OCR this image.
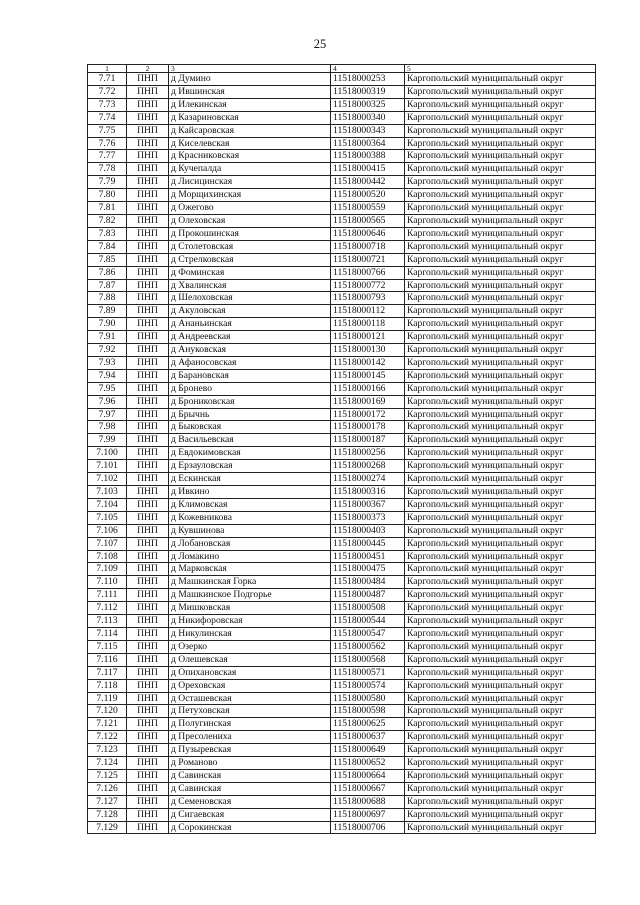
25
1	2	3	4	5
7.71	ПНП	д Думино	11518000253	Каргопольский муниципальный округ
7.72	ПНП	д Ившинская	11518000319	Каргопольский муниципальный округ
7.73	ПНП	д Илекинская	11518000325	Каргопольский муниципальный округ
7.74	ПНП	д Казариновская	11518000340	Каргопольский муниципальный округ
7.75	ПНП	д Кайсаровская	11518000343	Каргопольский муниципальный округ
7.76	ПНП	д Киселевская	11518000364	Каргопольский муниципальный округ
7.77	ПНП	д Красниковская	11518000388	Каргопольский муниципальный округ
7.78	ПНП	д Кучепалда	11518000415	Каргопольский муниципальный округ
7.79	ПНП	д Лисицинская	11518000442	Каргопольский муниципальный округ
7.80	ПНП	д Морщихинская	11518000520	Каргопольский муниципальный округ
7.81	ПНП	д Ожегово	11518000559	Каргопольский муниципальный округ
7.82	ПНП	д Олеховская	11518000565	Каргопольский муниципальный округ
7.83	ПНП	д Прокошинская	11518000646	Каргопольский муниципальный округ
7.84	ПНП	д Столетовская	11518000718	Каргопольский муниципальный округ
7.85	ПНП	д Стрелковская	11518000721	Каргопольский муниципальный округ
7.86	ПНП	д Фоминская	11518000766	Каргопольский муниципальный округ
7.87	ПНП	д Хвалинская	11518000772	Каргопольский муниципальный округ
7.88	ПНП	д Шелоховская	11518000793	Каргопольский муниципальный округ
7.89	ПНП	д Акуловская	11518000112	Каргопольский муниципальный округ
7.90	ПНП	д Ананьинская	11518000118	Каргопольский муниципальный округ
7.91	ПНП	д Андреевская	11518000121	Каргопольский муниципальный округ
7.92	ПНП	д Ануковская	11518000130	Каргопольский муниципальный округ
7.93	ПНП	д Афаносовская	11518000142	Каргопольский муниципальный округ
7.94	ПНП	д Барановская	11518000145	Каргопольский муниципальный округ
7.95	ПНП	д Бронево	11518000166	Каргопольский муниципальный округ
7.96	ПНП	д Брониковская	11518000169	Каргопольский муниципальный округ
7.97	ПНП	д Брычнь	11518000172	Каргопольский муниципальный округ
7.98	ПНП	д Быковская	11518000178	Каргопольский муниципальный округ
7.99	ПНП	д Васильевская	11518000187	Каргопольский муниципальный округ
7.100	ПНП	д Евдокимовская	11518000256	Каргопольский муниципальный округ
7.101	ПНП	д Ерзауловская	11518000268	Каргопольский муниципальный округ
7.102	ПНП	д Ескинская	11518000274	Каргопольский муниципальный округ
7.103	ПНП	д Ивкино	11518000316	Каргопольский муниципальный округ
7.104	ПНП	д Климовская	11518000367	Каргопольский муниципальный округ
7.105	ПНП	д Кожевникова	11518000373	Каргопольский муниципальный округ
7.106	ПНП	д Кувшинова	11518000403	Каргопольский муниципальный округ
7.107	ПНП	д Лобановская	11518000445	Каргопольский муниципальный округ
7.108	ПНП	д Ломакино	11518000451	Каргопольский муниципальный округ
7.109	ПНП	д Марковская	11518000475	Каргопольский муниципальный округ
7.110	ПНП	д Машкинская Горка	11518000484	Каргопольский муниципальный округ
7.111	ПНП	д Машкинское Подгорье	11518000487	Каргопольский муниципальный округ
7.112	ПНП	д Мишковская	11518000508	Каргопольский муниципальный округ
7.113	ПНП	д Никифоровская	11518000544	Каргопольский муниципальный округ
7.114	ПНП	д Никулинская	11518000547	Каргопольский муниципальный округ
7.115	ПНП	д Озерко	11518000562	Каргопольский муниципальный округ
7.116	ПНП	д Олешевская	11518000568	Каргопольский муниципальный округ
7.117	ПНП	д Опихановская	11518000571	Каргопольский муниципальный округ
7.118	ПНП	д Ореховская	11518000574	Каргопольский муниципальный округ
7.119	ПНП	д Осташевская	11518000580	Каргопольский муниципальный округ
7.120	ПНП	д Петуховская	11518000598	Каргопольский муниципальный округ
7.121	ПНП	д Полугинская	11518000625	Каргопольский муниципальный округ
7.122	ПНП	д Пресолениха	11518000637	Каргопольский муниципальный округ
7.123	ПНП	д Пузыревская	11518000649	Каргопольский муниципальный округ
7.124	ПНП	д Романово	11518000652	Каргопольский муниципальный округ
7.125	ПНП	д Савинская	11518000664	Каргопольский муниципальный округ
7.126	ПНП	д Савинская	11518000667	Каргопольский муниципальный округ
7.127	ПНП	д Семеновская	11518000688	Каргопольский муниципальный округ
7.128	ПНП	д Сигаевская	11518000697	Каргопольский муниципальный округ
7.129	ПНП	д Сорокинская	11518000706	Каргопольский муниципальный округ
